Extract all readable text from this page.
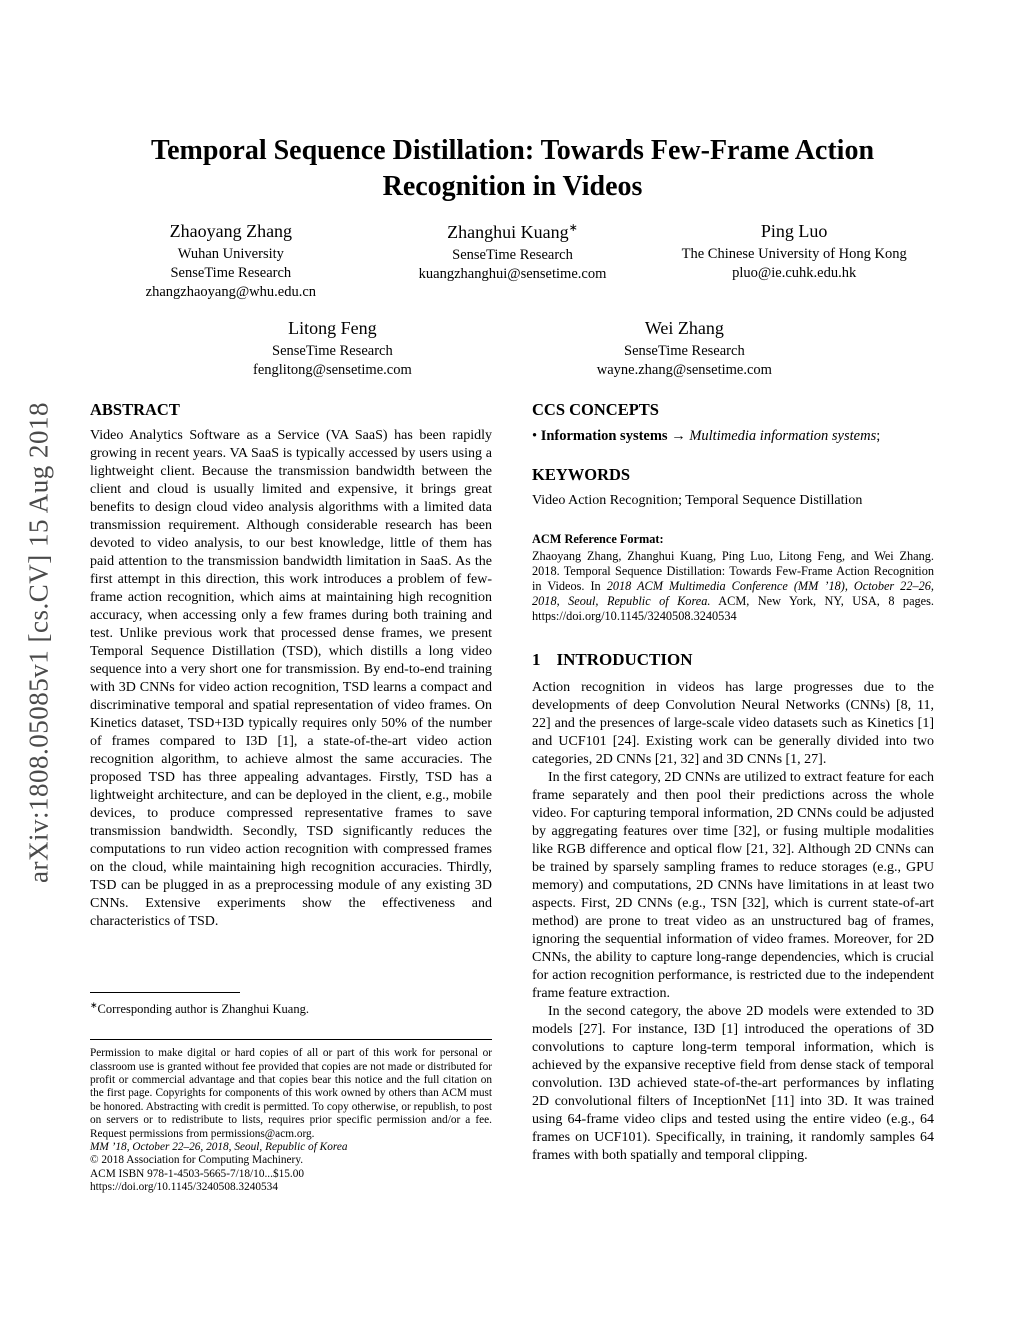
arXiv:1808.05085v1 [cs.CV] 15 Aug 2018
Temporal Sequence Distillation: Towards Few-Frame Action Recognition in Videos
Zhaoyang Zhang
Wuhan University
SenseTime Research
zhangzhaoyang@whu.edu.cn
Zhanghui Kuang∗
SenseTime Research
kuangzhanghui@sensetime.com
Ping Luo
The Chinese University of Hong Kong
pluo@ie.cuhk.edu.hk
Litong Feng
SenseTime Research
fenglitong@sensetime.com
Wei Zhang
SenseTime Research
wayne.zhang@sensetime.com
ABSTRACT

Video Analytics Software as a Service (VA SaaS) has been rapidly growing in recent years. VA SaaS is typically accessed by users using a lightweight client. Because the transmission bandwidth between the client and cloud is usually limited and expensive, it brings great benefits to design cloud video analysis algorithms with a limited data transmission requirement. Although considerable research has been devoted to video analysis, to our best knowledge, little of them has paid attention to the transmission bandwidth limitation in SaaS. As the first attempt in this direction, this work introduces a problem of few-frame action recognition, which aims at maintaining high recognition accuracy, when accessing only a few frames during both training and test. Unlike previous work that processed dense frames, we present Temporal Sequence Distillation (TSD), which distills a long video sequence into a very short one for transmission. By end-to-end training with 3D CNNs for video action recognition, TSD learns a compact and discriminative temporal and spatial representation of video frames. On Kinetics dataset, TSD+I3D typically requires only 50% of the number of frames compared to I3D [1], a state-of-the-art video action recognition algorithm, to achieve almost the same accuracies. The proposed TSD has three appealing advantages. Firstly, TSD has a lightweight architecture, and can be deployed in the client, e.g., mobile devices, to produce compressed representative frames to save transmission bandwidth. Secondly, TSD significantly reduces the computations to run video action recognition with compressed frames on the cloud, while maintaining high recognition accuracies. Thirdly, TSD can be plugged in as a preprocessing module of any existing 3D CNNs. Extensive experiments show the effectiveness and characteristics of TSD.

∗Corresponding author is Zhanghui Kuang.

Permission to make digital or hard copies of all or part of this work for personal or classroom use is granted without fee provided that copies are not made or distributed for profit or commercial advantage and that copies bear this notice and the full citation on the first page. Copyrights for components of this work owned by others than ACM must be honored. Abstracting with credit is permitted. To copy otherwise, or republish, to post on servers or to redistribute to lists, requires prior specific permission and/or a fee. Request permissions from permissions@acm.org.

MM ’18, October 22–26, 2018, Seoul, Republic of Korea

© 2018 Association for Computing Machinery.

ACM ISBN 978-1-4503-5665-7/18/10...$15.00

https://doi.org/10.1145/3240508.3240534

CCS CONCEPTS

• Information systems → Multimedia information systems;

KEYWORDS

Video Action Recognition; Temporal Sequence Distillation

ACM Reference Format:
Zhaoyang Zhang, Zhanghui Kuang, Ping Luo, Litong Feng, and Wei Zhang. 2018. Temporal Sequence Distillation: Towards Few-Frame Action Recognition in Videos. In 2018 ACM Multimedia Conference (MM ’18), October 22–26, 2018, Seoul, Republic of Korea. ACM, New York, NY, USA, 8 pages. https://doi.org/10.1145/3240508.3240534
1 INTRODUCTION

Action recognition in videos has large progresses due to the developments of deep Convolution Neural Networks (CNNs) [8, 11, 22] and the presences of large-scale video datasets such as Kinetics [1] and UCF101 [24]. Existing work can be generally divided into two categories, 2D CNNs [21, 32] and 3D CNNs [1, 27].

In the first category, 2D CNNs are utilized to extract feature for each frame separately and then pool their predictions across the whole video. For capturing temporal information, 2D CNNs could be adjusted by aggregating features over time [32], or fusing multiple modalities like RGB difference and optical flow [21, 32]. Although 2D CNNs can be trained by sparsely sampling frames to reduce storages (e.g., GPU memory) and computations, 2D CNNs have limitations in at least two aspects. First, 2D CNNs (e.g., TSN [32], which is current state-of-art method) are prone to treat video as an unstructured bag of frames, ignoring the sequential information of video frames. Moreover, for 2D CNNs, the ability to capture long-range dependencies, which is crucial for action recognition performance, is restricted due to the independent frame feature extraction.

In the second category, the above 2D models were extended to 3D models [27]. For instance, I3D [1] introduced the operations of 3D convolutions to capture long-term temporal information, which is achieved by the expansive receptive field from dense stack of temporal convolution. I3D achieved state-of-the-art performances by inflating 2D convolutional filters of InceptionNet [11] into 3D. It was trained using 64-frame video clips and tested using the entire video (e.g., 64 frames on UCF101). Specifically, in training, it randomly samples 64 frames with both spatially and temporal clipping.
